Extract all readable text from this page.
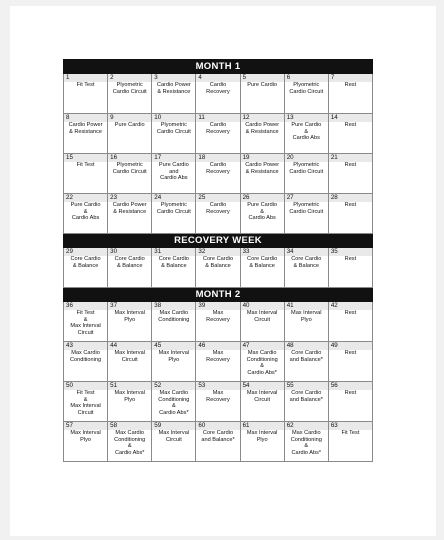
MONTH 1						

1
Fit Test	2
Plyometric
Cardio Circuit	3
Cardio Power
& Resistance	4
Cardio
Recovery	5
Pure Cardio	6
Plyometric
Cardio Circuit	7
Rest

8
Cardio Power
& Resistance	9
Pure Cardio	10
Plyometric
Cardio Circuit	11
Cardio
Recovery	12
Cardio Power
& Resistance	13
Pure Cardio
&
Cardio Abs	14
Rest

15
Fit Test	16
Plyometric
Cardio Circuit	17
Pure Cardio
and
Cardio Abs	18
Cardio
Recovery	19
Cardio Power
& Resistance	20
Plyometric
Cardio Circuit	21
Rest

22
Pure Cardio
&
Cardio Abs	23
Cardio Power
& Resistance	24
Plyometric
Cardio Circuit	25
Cardio
Recovery	26
Pure Cardio
&
Cardio Abs	27
Plyometric
Cardio Circuit	28
Rest

RECOVERY WEEK						

29
Core Cardio
& Balance	30
Core Cardio
& Balance	31
Core Cardio
& Balance	32
Core Cardio
& Balance	33
Core Cardio
& Balance	34
Core Cardio
& Balance	35
Rest

MONTH 2						

36
Fit Test
&
Max Interval
Circuit	37
Max Interval
Plyo	38
Max Cardio
Conditioning	39
Max
Recovery	40
Max Interval
Circuit	41
Max Interval
Plyo	42
Rest

43
Max Cardio
Conditioning	44
Max Interval
Circuit	45
Max Interval
Plyo	46
Max
Recovery	47
Max Cardio
Conditioning
&
Cardio Abs*	48
Core Cardio
and Balance*	49
Rest

50
Fit Test
&
Max Interval
Circuit	51
Max Interval
Plyo	52
Max Cardio
Conditioning
&
Cardio Abs*	53
Max
Recovery	54
Max Interval
Circuit	55
Core Cardio
and Balance*	56
Rest

57
Max Interval
Plyo	58
Max Cardio
Conditioning
&
Cardio Abs*	59
Max Interval
Circuit	60
Core Cardio
and Balance*	61
Max Interval
Plyo	62
Max Cardio
Conditioning
&
Cardio Abs*	63
Fit Test
